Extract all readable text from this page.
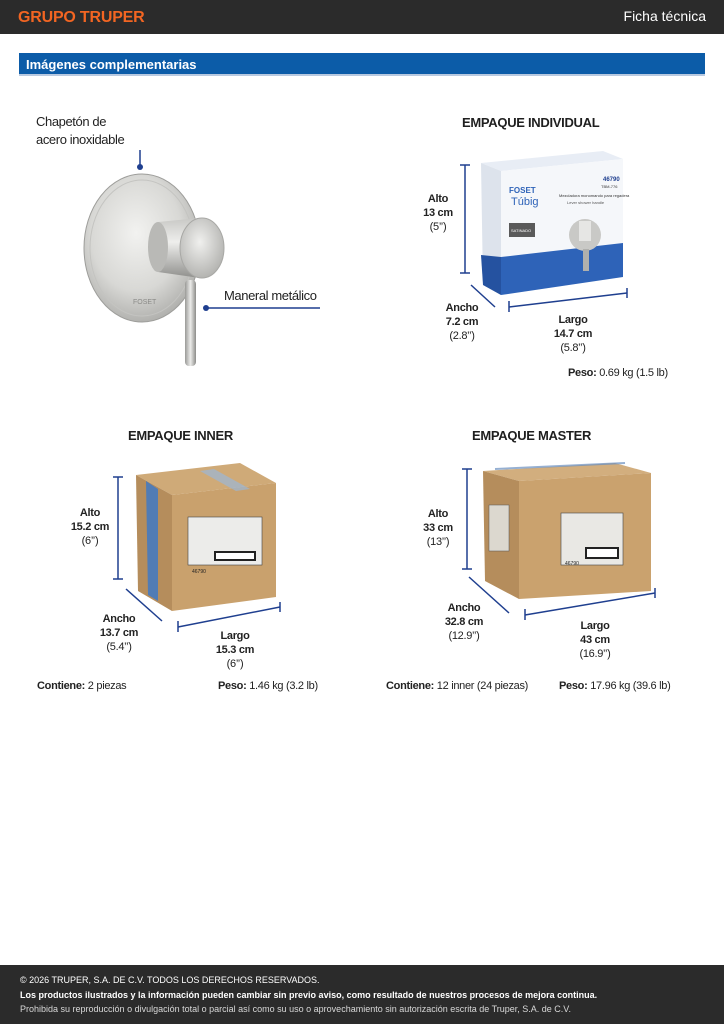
GRUPO TRUPER	Ficha técnica
Imágenes complementarias
Chapetón de
acero inoxidable
Maneral metálico
FOSET
EMPAQUE INDIVIDUAL
FOSET
Túbig
46790
TBM-776
Mezcladora monomando para regadera
Lever shower handle
SATINADO
Alto
13 cm
(5’’)
Ancho
7.2 cm
(2.8’’)
Largo
14.7 cm
(5.8’’)
Peso: 0.69 kg (1.5 lb)
EMPAQUE INNER
46790
Alto
15.2 cm
(6’’)
Ancho
13.7 cm
(5.4’’)
Largo
15.3 cm
(6’’)
Contiene: 2 piezas	Peso: 1.46 kg (3.2 lb)
EMPAQUE MASTER
46790
Alto
33 cm
(13’’)
Ancho
32.8 cm
(12.9’’)
Largo
43 cm
(16.9’’)
Contiene: 12 inner (24 piezas)	Peso: 17.96 kg (39.6 lb)
© 2026 TRUPER, S.A. DE C.V. TODOS LOS DERECHOS RESERVADOS.
Los productos ilustrados y la información pueden cambiar sin previo aviso, como resultado de nuestros procesos de mejora continua.
Prohibida su reproducción o divulgación total o parcial así como su uso o aprovechamiento sin autorización escrita de Truper, S.A. de C.V.
